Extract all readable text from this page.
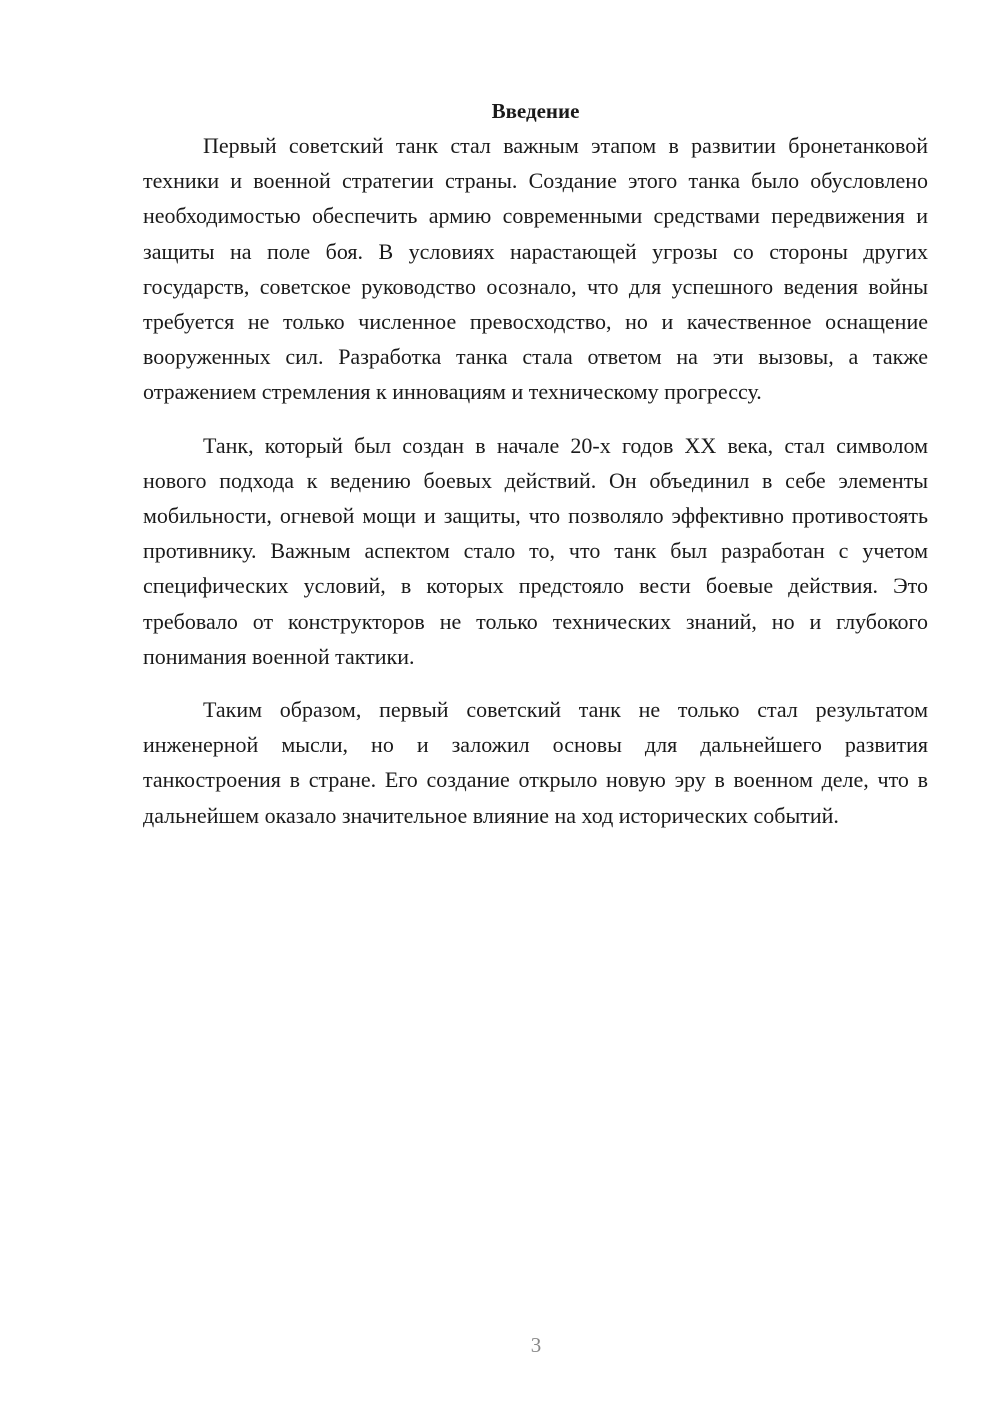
Введение

Первый советский танк стал важным этапом в развитии бронетанковой техники и военной стратегии страны. Создание этого танка было обусловлено необходимостью обеспечить армию современными средствами передвижения и защиты на поле боя. В условиях нарастающей угрозы со стороны других государств, советское руководство осознало, что для успешного ведения войны требуется не только численное превосходство, но и качественное оснащение вооруженных сил. Разработка танка стала ответом на эти вызовы, а также отражением стремления к инновациям и техническому прогрессу.

Танк, который был создан в начале 20-х годов XX века, стал символом нового подхода к ведению боевых действий. Он объединил в себе элементы мобильности, огневой мощи и защиты, что позволяло эффективно противостоять противнику. Важным аспектом стало то, что танк был разработан с учетом специфических условий, в которых предстояло вести боевые действия. Это требовало от конструкторов не только технических знаний, но и глубокого понимания военной тактики.

Таким образом, первый советский танк не только стал результатом инженерной мысли, но и заложил основы для дальнейшего развития танкостроения в стране. Его создание открыло новую эру в военном деле, что в дальнейшем оказало значительное влияние на ход исторических событий.

3
